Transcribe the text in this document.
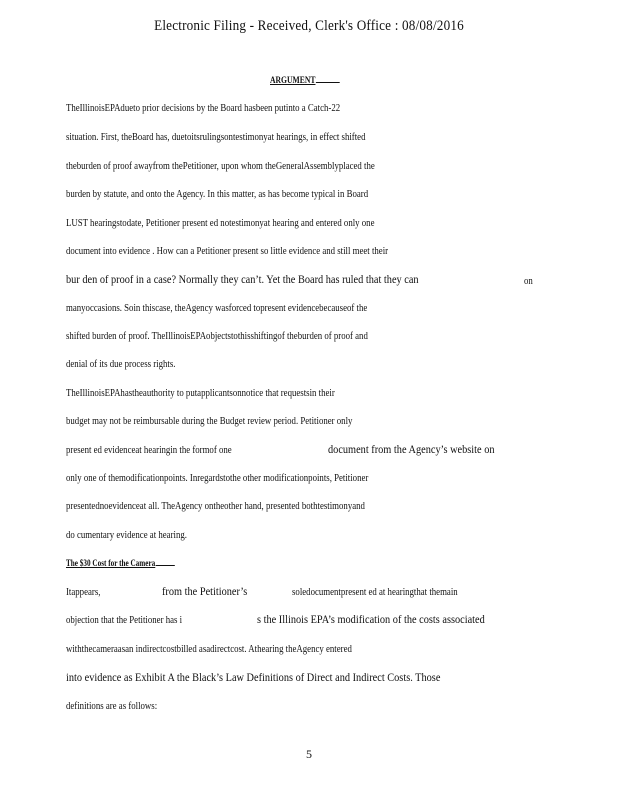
Electronic Filing - Received, Clerk's Office : 08/08/2016
ARGUMENT
TheIllinoisEPAdueto prior decisions by the Board hasbeen putinto a Catch-22
situation. First, theBoard has, duetoitsrulingsontestimonyat hearings, in effect shifted
theburden of proof awayfrom thePetitioner, upon whom theGeneralAssemblyplaced the
burden by statute, and onto the Agency. In this matter, as has become typical in Board
LUST hearingstodate, Petitioner present ed notestimonyat hearing and entered only one
document into evidence . How can a Petitioner present so little evidence and still meet their
bur den of proof in a case? Normally they can’t. Yet the Board has ruled that they can	on
manyoccasions. Soin thiscase, theAgency wasforced topresent evidencebecauseof the
shifted burden of proof. TheIllinoisEPAobjectstothisshiftingof theburden of proof and
denial of its due process rights.
TheIllinoisEPAhastheauthority to putapplicantsonnotice that requestsin their
budget may not be reimbursable during the Budget review period. Petitioner only
present ed evidenceat hearingin the formof one	document from the Agency’s website on
only one of themodificationpoints. Inregardstothe other modificationpoints, Petitioner
presentednoevidenceat all. TheAgency ontheother hand, presented bothtestimonyand
do cumentary evidence at hearing.
The $30 Cost for the Camera
Itappears,	from the Petitioner’s	soledocumentpresent ed at hearingthat themain
objection that the Petitioner has i	s the Illinois EPA’s modification of the costs associated
withthecameraasan indirectcostbilled asadirectcost. Athearing theAgency entered
into evidence as Exhibit A the Black’s Law Definitions of Direct and Indirect Costs. Those
definitions are as follows:
5
